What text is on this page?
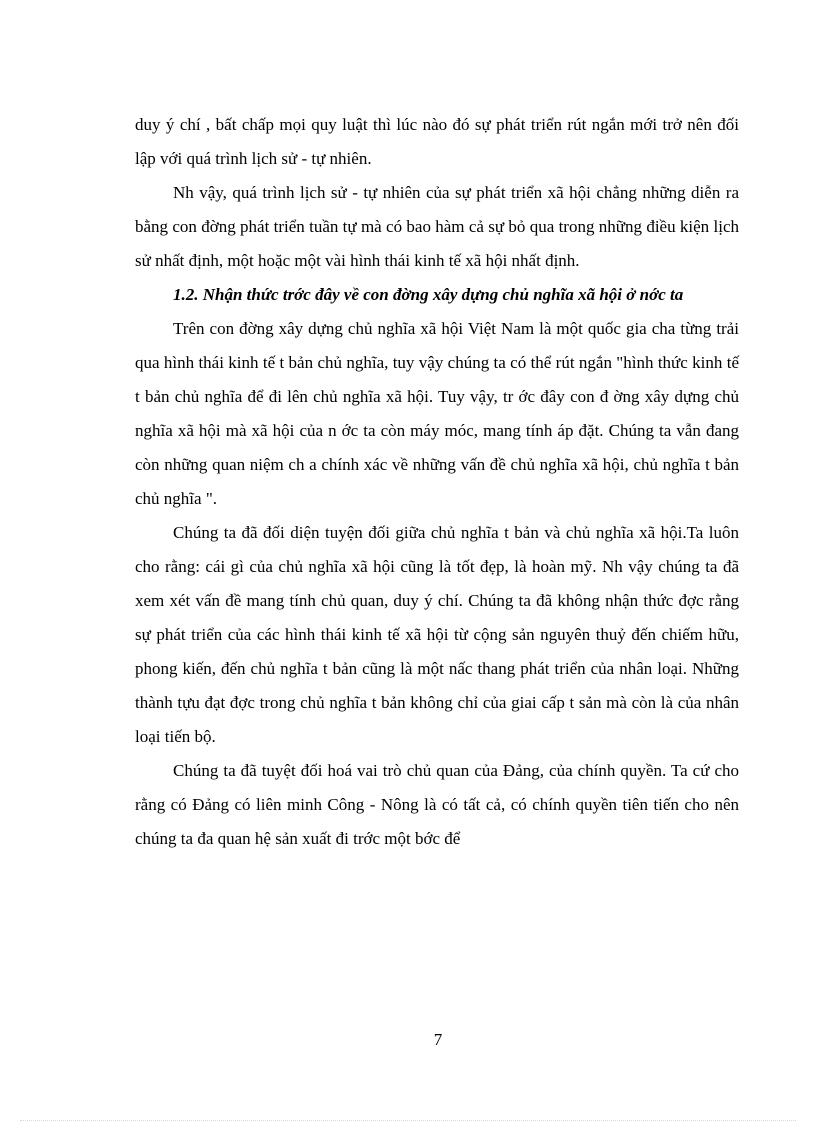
duy ý chí , bất chấp mọi quy luật thì lúc nào đó sự phát triển rút ngắn mới trở nên đối lập với quá trình lịch sử - tự nhiên.

Nh vậy, quá trình lịch sử - tự nhiên của sự phát triển xã hội chẳng những diễn ra bằng con đờng phát triển tuần tự mà có bao hàm cả sự bỏ qua trong những điều kiện lịch sử nhất định, một hoặc một vài hình thái kinh tế xã hội nhất định.

1.2. Nhận thức trớc đây về con đờng xây dựng chủ nghĩa xã hội ở nớc ta

Trên con đờng xây dựng chủ nghĩa xã hội Việt Nam là một quốc gia cha từng trải qua hình thái kinh tế t bản chủ nghĩa, tuy vậy chúng ta có thể rút ngắn "hình thức kinh tế t bản chủ nghĩa để đi lên chủ nghĩa xã hội. Tuy vậy, tr ớc đây con đ ờng xây dựng chủ nghĩa xã hội mà xã hội của n ớc ta còn máy móc, mang tính áp đặt. Chúng ta vẫn đang còn những quan niệm ch a chính xác về những vấn đề chủ nghĩa xã hội, chủ nghĩa t bản chủ nghĩa ".

Chúng ta đã đối diện tuyện đối giữa chủ nghĩa t bản và chủ nghĩa xã hội.Ta luôn cho rằng: cái gì của chủ nghĩa xã hội cũng là tốt đẹp, là hoàn mỹ. Nh vậy chúng ta đã xem xét vấn đề mang tính chủ quan, duy ý chí. Chúng ta đã không nhận thức đợc rằng sự phát triển của các hình thái kinh tế xã hội từ cộng sản nguyên thuỷ đến chiếm hữu, phong kiến, đến chủ nghĩa t bản cũng là một nấc thang phát triển của nhân loại. Những thành tựu đạt đợc trong chủ nghĩa t bản không chỉ của giai cấp t sản mà còn là của nhân loại tiến bộ.

Chúng ta đã tuyệt đối hoá vai trò chủ quan của Đảng, của chính quyền. Ta cứ cho rằng có Đảng có liên minh Công - Nông là có tất cả, có chính quyền tiên tiến cho nên chúng ta đa quan hệ sản xuất đi trớc một bớc để

7
